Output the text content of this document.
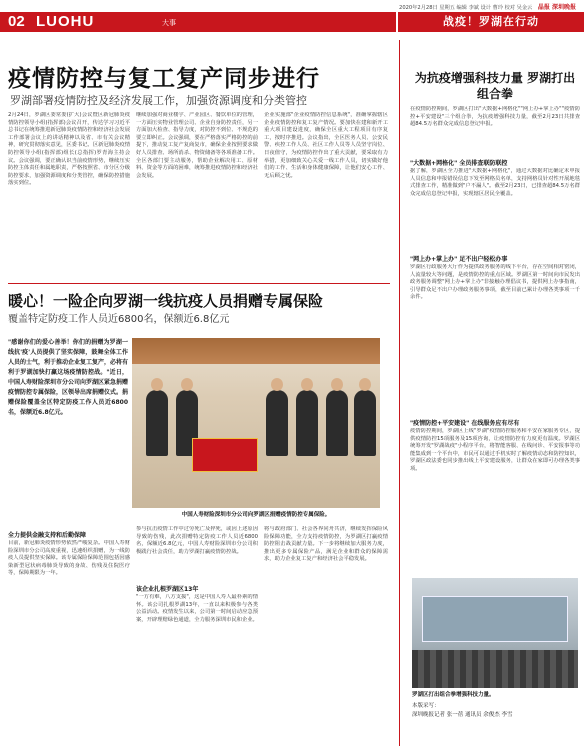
2020年2月28日 星期五 编辑 李斌 设计 曹玲 校对 吴金云 晶报 深圳晚报
02 LUOHU	大事	战疫！罗湖在行动
疫情防控与复工复产同步进行
罗湖部署疫情防控及经济发展工作，加强资源调度和分类管控
2月24日，罗湖区委常委(扩大)会议暨区新冠肺炎疫情防控领导小组(指挥部)会议召开，传达学习习近平总书记在统筹推进新冠肺炎疫情防控和经济社会发展工作部署会议上的讲话精神以及省、市有关会议精神，研究贯彻落实意见，区委书记、区新冠肺炎疫情防控领导小组(指挥部)组长(总指挥)罗青海主持会议。会议强调，要正确认识当前疫情形势，继续压实防控主体责任和属地职责，严格按照省、市分区分级防控要求，加强资源调度和分类管控，确保防控措施落实到位。
继续加强对商业楼宇、产业园区、餐饮单位的管理，一方面压实物业管理公司、企业自身防控责任，另一方面加大检查、指导力度，对防控不到位、不规范的要立即纠正。会议强调，要在严格落实严格防控的前提下，推动复工复产复商复市，确保企业按照要求做好人员排查、场所消杀、物资储备等各项准备工作。全区各部门要主动服务，帮助企业解决用工、原材料、资金等方面的困难，统筹推进疫情防控和经济社会发展。
企业实施部"企业疫情防控信息系统"，准确掌握辖区企业疫情防控和复工复产情况。要加快在建和新开工重大项目建设进度，确保全区重大工程项目有序复工，按时序推进。会议指出，全区医务人员、公安民警、疾控工作人员、社区工作人员等人员坚守岗位、日夜值守，为疫情防控作出了重大贡献，要采取有力举措，更加细致关心关爱一线工作人员，切实做好他们的工作、生活和身体健康保障，让他们安心工作、无后顾之忧。
为抗疫增强科技力量 罗湖打出组合拳
在疫情防控期间，罗湖区打出"大数据+网格化""网上办+掌上办""疫情防控+平安建设"三个组合拳，为抗疫增强科技力量，截至2月23日共排查超84.5万名群众完成信息登记申报。
"大数据+网格化" 全员排查联防联控
据了解，罗湖区全力推进"大数据+网格化"，通过大数据对比确定未申报人员信息和申报错误信息下发至网格员名单，支持网格员针对性开展地毯式排查工作，精准做到"户不漏人"。截至2月23日，已排查超84.5万名群众完成信息登记申报，实现辖区居民全覆盖。
"网上办+掌上办" 足不出户轻松办事
罗湖区行政服务大厅作为提供政务服务的线下平台，存在空间相对密闭，人流量较大等问题，是疫情防控的重点区域。罗湖区第一时间向市民发出政务服务调整"网上办+掌上办"非接触办理倡议书，提供网上办事指南，引导群众足不出户办理政务服务事项，截至目前已累计办理各类事项一千余件。
"疫情防控+平安建设" 在线服务应有尽有
疫情防控期间，罗湖区上线"罗湖"疫情防控服务和平安在家服务专区，提供疫情防控15项服务及15项咨询，让疫情防控有力度更有温度。罗湖区统筹开发"罗湖战疫"小程序平台，将智能客服、在线问诊、平安报事等功能集成到一个平台中，市民可以通过手机实时了解疫情动态和防控知识，罗湖区政法委也同步推出线上平安建设服务，让群众在家即可办理各类事项。
罗湖区打出组合拳增强科技力量。
本版采写：
深圳晚报记者 张一蓓 通讯员 余俊杰 李雪
暖心！一险企向罗湖一线抗疫人员捐赠专属保险
覆盖特定防疫工作人员近6800名，保额近6.8亿元
"感谢你们的爱心善举！你们的捐赠为罗湖一线抗'疫'人员提供了坚实保障，鼓舞全体工作人员的士气，利于推动企业复工复产，必将有利于罗湖加快打赢这场疫情防控战。"近日，中国人寿财险深圳市分公司向罗湖区紧急捐赠疫情防控专属保险，区领导出席捐赠仪式。捐赠保险覆盖全区特定防疫工作人员近6800名，保额近6.8亿元。
中国人寿财险深圳市分公司向罗湖区捐赠疫情防控专属保险。
全力提供金融支持和后勤保障
目前，新冠肺炎疫情形势依然严峻复杂。中国人寿财险深圳市分公司高度重视，迅速组织捐赠，为一线防疫人员提供坚实保障。该专属保险保障范围包括因感染新型冠状病毒肺炎导致的身故、伤残及住院医疗等，保障期限为一年。
参与抗击疫情工作中过劳死亡及猝死，或因上述原因导致的伤残，此次捐赠特定防疫工作人员近6800名，保额近6.8亿元，中国人寿财险深圳市分公司积极践行社会责任，助力罗湖打赢疫情防控战。
该企业扎根罗湖区13年
"一方有难，八方支援"，这是中国人寿人最朴素的情怀。该公司扎根罗湖13年，一直以来积极参与各类公益活动。疫情发生以来，公司第一时间启动应急预案，开辟理赔绿色通道，全力服务深圳市民和企业。
将与政府部门、社会各界同舟共济，继续发挥保险风险保障功能，全力支持疫情防控，为罗湖区打赢疫情防控阻击战贡献力量。下一步将继续加大服务力度，推出更多专属保险产品，满足企业和群众的保障需求，助力企业复工复产和经济社会平稳发展。
